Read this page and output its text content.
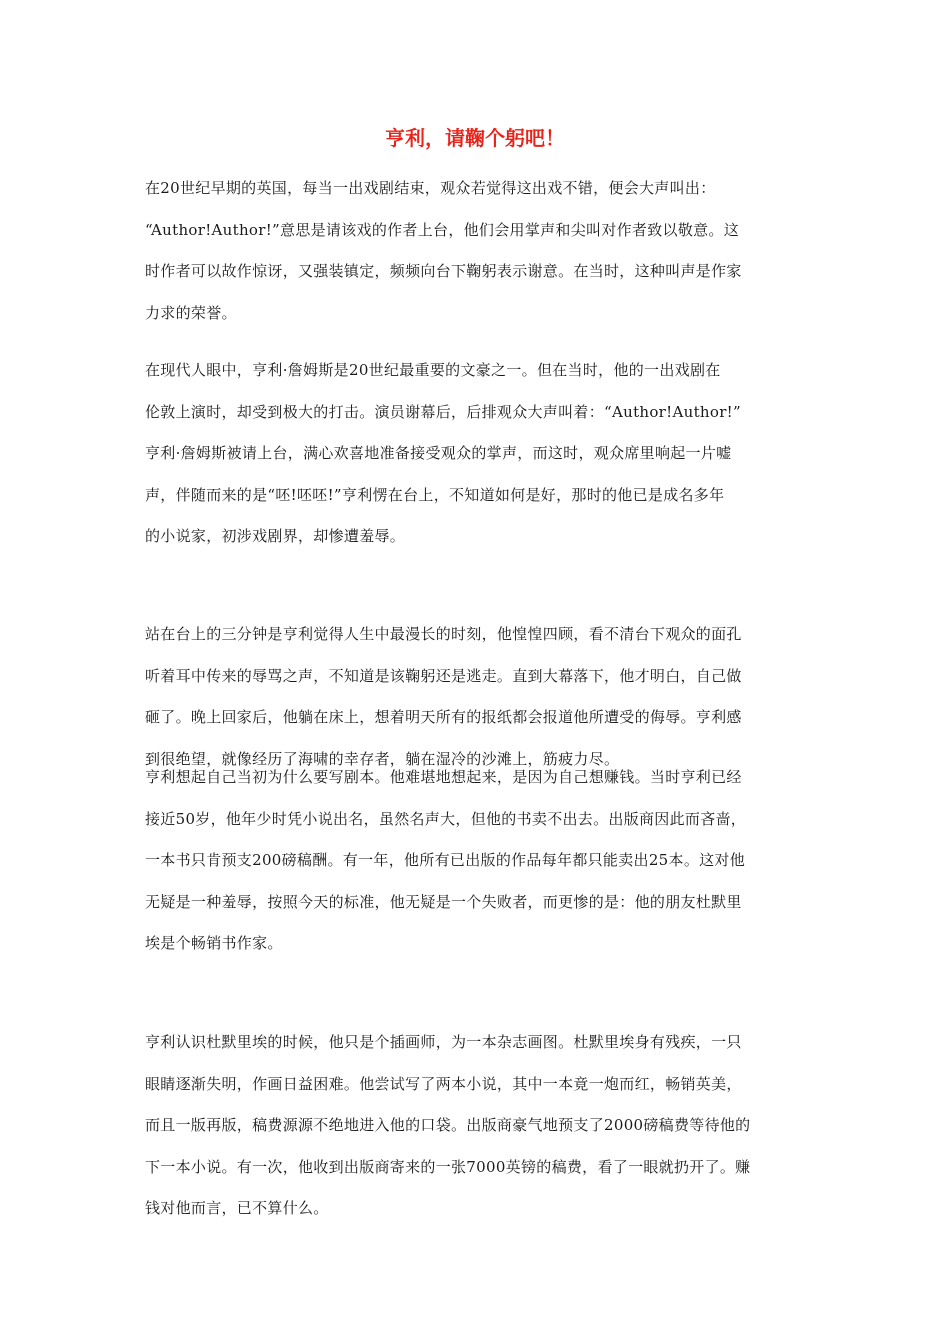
亨利，请鞠个躬吧！
在20世纪早期的英国，每当一出戏剧结束，观众若觉得这出戏不错，便会大声叫出：
“Author!Author!”意思是请该戏的作者上台，他们会用掌声和尖叫对作者致以敬意。这
时作者可以故作惊讶，又强装镇定，频频向台下鞠躬表示谢意。在当时，这种叫声是作家
力求的荣誉。
在现代人眼中，亨利·詹姆斯是20世纪最重要的文豪之一。但在当时，他的一出戏剧在
伦敦上演时，却受到极大的打击。演员谢幕后，后排观众大声叫着：“Author!Author!”
亨利·詹姆斯被请上台，满心欢喜地准备接受观众的掌声，而这时，观众席里响起一片嘘
声，伴随而来的是“呸!呸呸!”亨利愣在台上，不知道如何是好，那时的他已是成名多年
的小说家，初涉戏剧界，却惨遭羞辱。
站在台上的三分钟是亨利觉得人生中最漫长的时刻，他惶惶四顾，看不清台下观众的面孔
听着耳中传来的辱骂之声，不知道是该鞠躬还是逃走。直到大幕落下，他才明白，自己做
砸了。晚上回家后，他躺在床上，想着明天所有的报纸都会报道他所遭受的侮辱。亨利感
到很绝望，就像经历了海啸的幸存者，躺在湿冷的沙滩上，筋疲力尽。
亨利想起自己当初为什么要写剧本。他难堪地想起来，是因为自己想赚钱。当时亨利已经
接近50岁，他年少时凭小说出名，虽然名声大，但他的书卖不出去。出版商因此而吝啬，
一本书只肯预支200磅稿酬。有一年，他所有已出版的作品每年都只能卖出25本。这对他
无疑是一种羞辱，按照今天的标准，他无疑是一个失败者，而更惨的是：他的朋友杜默里
埃是个畅销书作家。
亨利认识杜默里埃的时候，他只是个插画师，为一本杂志画图。杜默里埃身有残疾，一只
眼睛逐渐失明，作画日益困难。他尝试写了两本小说，其中一本竟一炮而红，畅销英美，
而且一版再版，稿费源源不绝地进入他的口袋。出版商豪气地预支了2000磅稿费等待他的
下一本小说。有一次，他收到出版商寄来的一张7000英镑的稿费，看了一眼就扔开了。赚
钱对他而言，已不算什么。
